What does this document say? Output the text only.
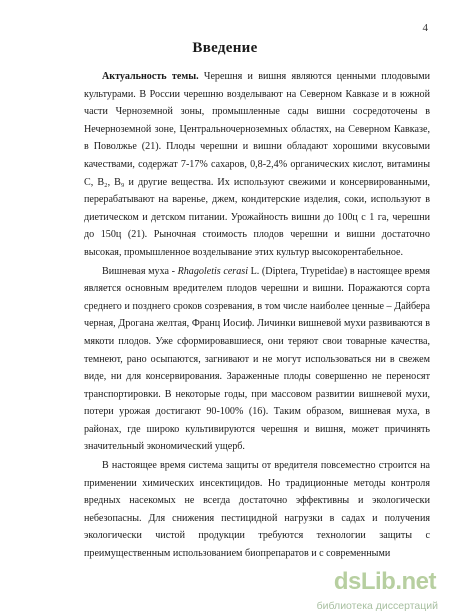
4
Введение

Актуальность темы. Черешня и вишня являются ценными плодовыми культурами. В России черешню возделывают на Северном Кавказе и в южной части Черноземной зоны, промышленные сады вишни сосредоточены в Нечерноземной зоне, Центральночерноземных областях, на Северном Кавказе, в Поволжье (21). Плоды черешни и вишни обладают хорошими вкусовыми качествами, содержат 7-17% сахаров, 0,8-2,4% органических кислот, витамины С, В₂, В₉ и другие вещества. Их используют свежими и консервированными, перерабатывают на варенье, джем, кондитерские изделия, соки, используют в диетическом и детском питании. Урожайность вишни до 100ц с 1 га, черешни до 150ц (21). Рыночная стоимость плодов черешни и вишни достаточно высокая, промышленное возделывание этих культур высокорентабельное.

Вишневая муха - Rhagoletis cerasi L. (Diptera, Trypetidae) в настоящее время является основным вредителем плодов черешни и вишни. Поражаются сорта среднего и позднего сроков созревания, в том числе наиболее ценные – Дайбера черная, Дрогана желтая, Франц Иосиф. Личинки вишневой мухи развиваются в мякоти плодов. Уже сформировавшиеся, они теряют свои товарные качества, темнеют, рано осыпаются, загнивают и не могут использоваться ни в свежем виде, ни для консервирования. Зараженные плоды совершенно не переносят транспортировки. В некоторые годы, при массовом развитии вишневой мухи, потери урожая достигают 90-100% (16). Таким образом, вишневая муха, в районах, где широко культивируются черешня и вишня, может причинять значительный экономический ущерб.

В настоящее время система защиты от вредителя повсеместно строится на применении химических инсектицидов. Но традиционные методы контроля вредных насекомых не всегда достаточно эффективны и экологически небезопасны. Для снижения пестицидной нагрузки в садах и получения экологически чистой продукции требуются технологии защиты с преимущественным использованием биопрепаратов и с современными

dsLib.net
библиотека диссертаций
